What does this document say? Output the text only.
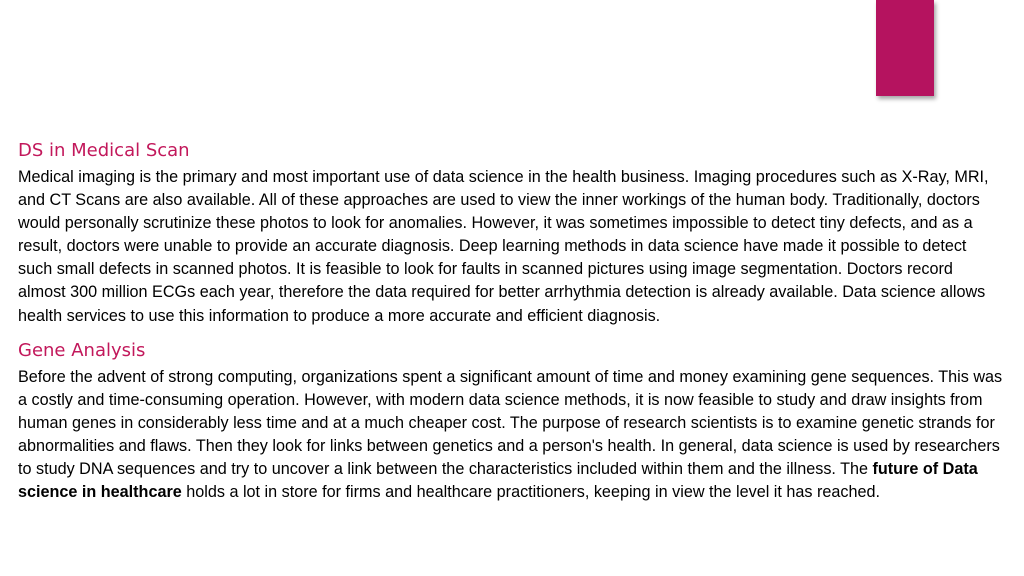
DS in Medical Scan

Medical imaging is the primary and most important use of data science in the health business. Imaging procedures such as X-Ray, MRI, and CT Scans are also available. All of these approaches are used to view the inner workings of the human body. Traditionally, doctors would personally scrutinize these photos to look for anomalies. However, it was sometimes impossible to detect tiny defects, and as a result, doctors were unable to provide an accurate diagnosis. Deep learning methods in data science have made it possible to detect such small defects in scanned photos. It is feasible to look for faults in scanned pictures using image segmentation. Doctors record almost 300 million ECGs each year, therefore the data required for better arrhythmia detection is already available. Data science allows health services to use this information to produce a more accurate and efficient diagnosis.

Gene Analysis

Before the advent of strong computing, organizations spent a significant amount of time and money examining gene sequences. This was a costly and time-consuming operation. However, with modern data science methods, it is now feasible to study and draw insights from human genes in considerably less time and at a much cheaper cost. The purpose of research scientists is to examine genetic strands for abnormalities and flaws. Then they look for links between genetics and a person's health. In general, data science is used by researchers to study DNA sequences and try to uncover a link between the characteristics included within them and the illness. The future of Data science in healthcare holds a lot in store for firms and healthcare practitioners, keeping in view the level it has reached.
